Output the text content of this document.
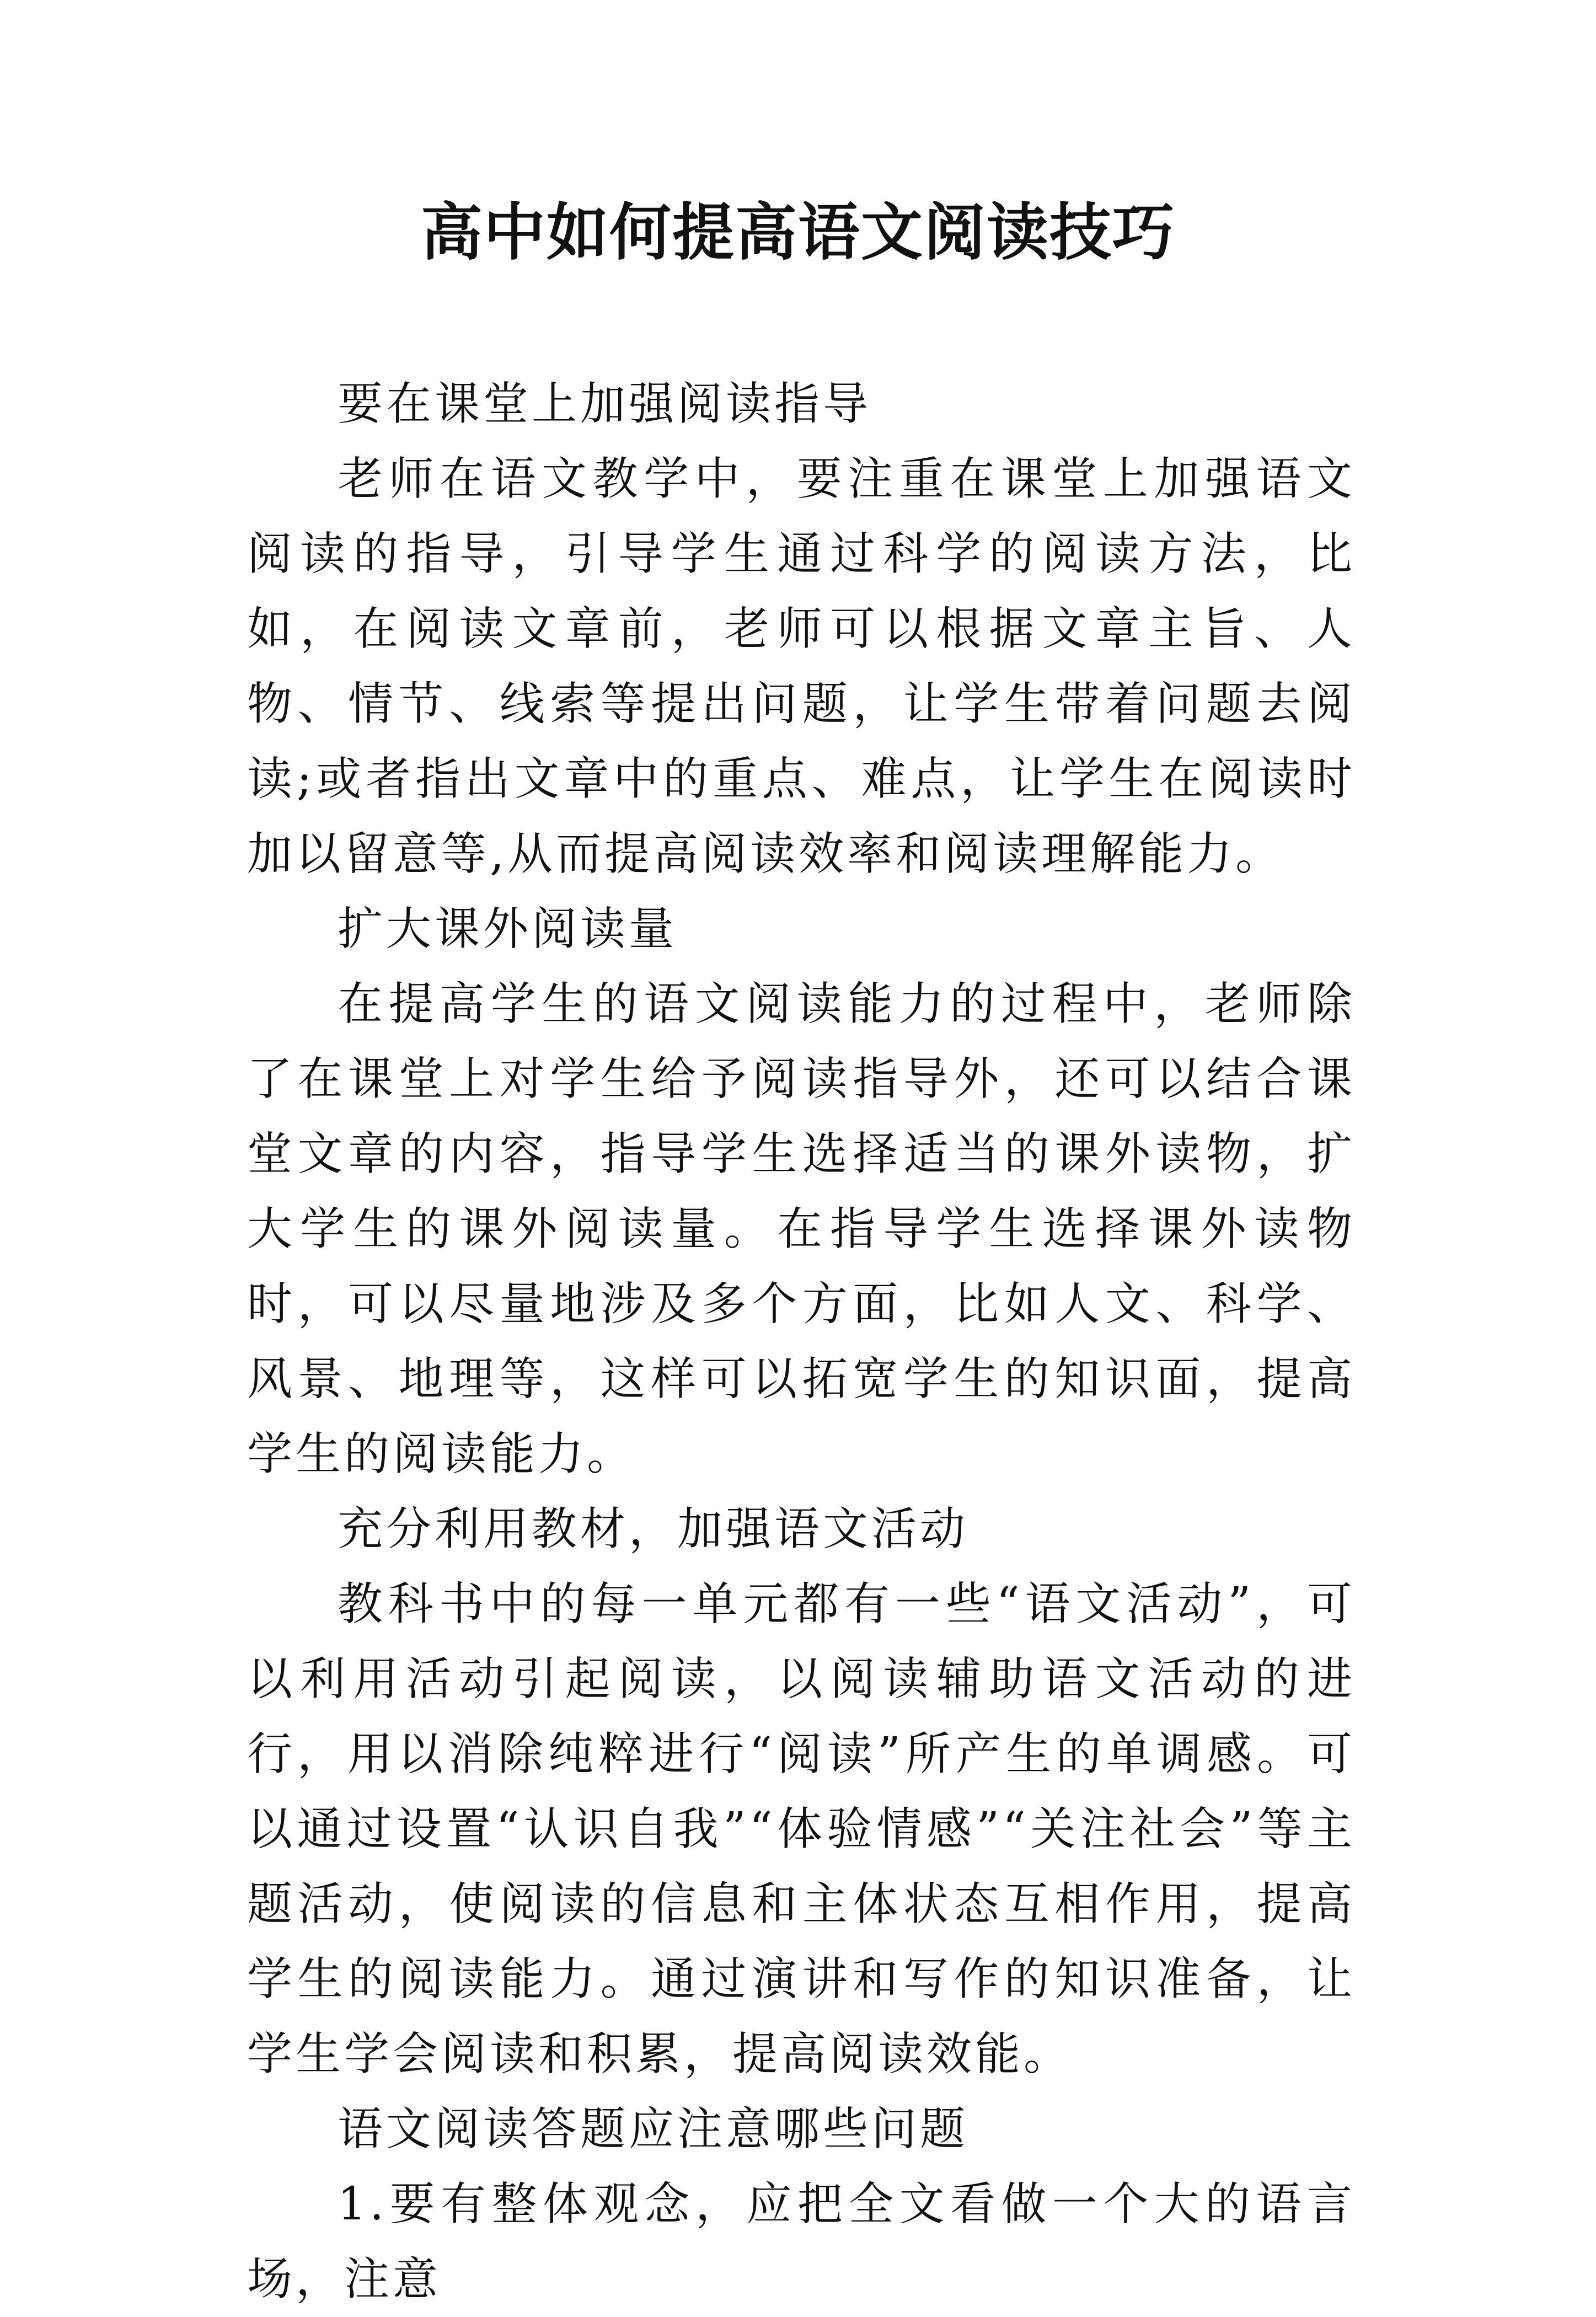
高中如何提高语文阅读技巧

要在课堂上加强阅读指导

老师在语文教学中，要注重在课堂上加强语文阅读的指导，引导学生通过科学的阅读方法，比如，在阅读文章前，老师可以根据文章主旨、人物、情节、线索等提出问题，让学生带着问题去阅读;或者指出文章中的重点、难点，让学生在阅读时加以留意等,从而提高阅读效率和阅读理解能力。

扩大课外阅读量

在提高学生的语文阅读能力的过程中，老师除了在课堂上对学生给予阅读指导外，还可以结合课堂文章的内容，指导学生选择适当的课外读物，扩大学生的课外阅读量。在指导学生选择课外读物时，可以尽量地涉及多个方面，比如人文、科学、风景、地理等，这样可以拓宽学生的知识面，提高学生的阅读能力。

充分利用教材，加强语文活动

教科书中的每一单元都有一些“语文活动”，可以利用活动引起阅读，以阅读辅助语文活动的进行，用以消除纯粹进行“阅读”所产生的单调感。可以通过设置“认识自我”“体验情感”“关注社会”等主题活动，使阅读的信息和主体状态互相作用，提高学生的阅读能力。通过演讲和写作的知识准备，让学生学会阅读和积累，提高阅读效能。

语文阅读答题应注意哪些问题

1.要有整体观念，应把全文看做一个大的语言场，注意
